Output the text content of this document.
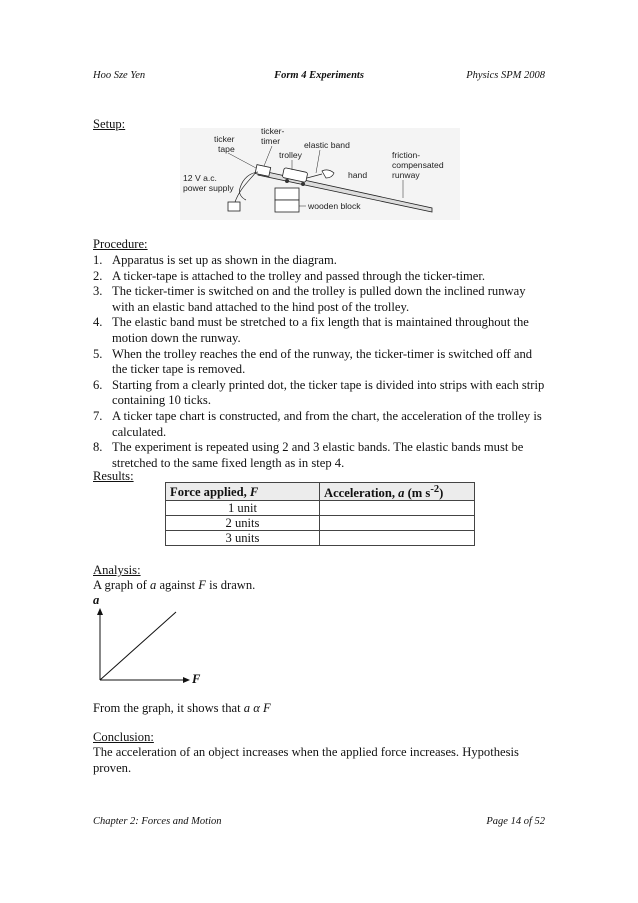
Hoo Sze Yen	Form 4 Experiments	Physics SPM 2008
Setup:
ticker
tape
ticker-
timer
trolley
elastic band
friction-
compensated
runway
hand
12 V a.c.
power supply
wooden block
Procedure:
1. Apparatus is set up as shown in the diagram.
2. A ticker-tape is attached to the trolley and passed through the ticker-timer.
3. The ticker-timer is switched on and the trolley is pulled down the inclined runway with an elastic band attached to the hind post of the trolley.
4. The elastic band must be stretched to a fix length that is maintained throughout the motion down the runway.
5. When the trolley reaches the end of the runway, the ticker-timer is switched off and the ticker tape is removed.
6. Starting from a clearly printed dot, the ticker tape is divided into strips with each strip containing 10 ticks.
7. A ticker tape chart is constructed, and from the chart, the acceleration of the trolley is calculated.
8. The experiment is repeated using 2 and 3 elastic bands. The elastic bands must be stretched to the same fixed length as in step 4.
Results:
Force applied, F	Acceleration, a (m $s^{-2}$)
1 unit	
2 units	
3 units	
Analysis:
A graph of a against F is drawn.
a
F
From the graph, it shows that a α F
Conclusion:
The acceleration of an object increases when the applied force increases. Hypothesis proven.
Chapter 2: Forces and Motion	Page 14 of 52
